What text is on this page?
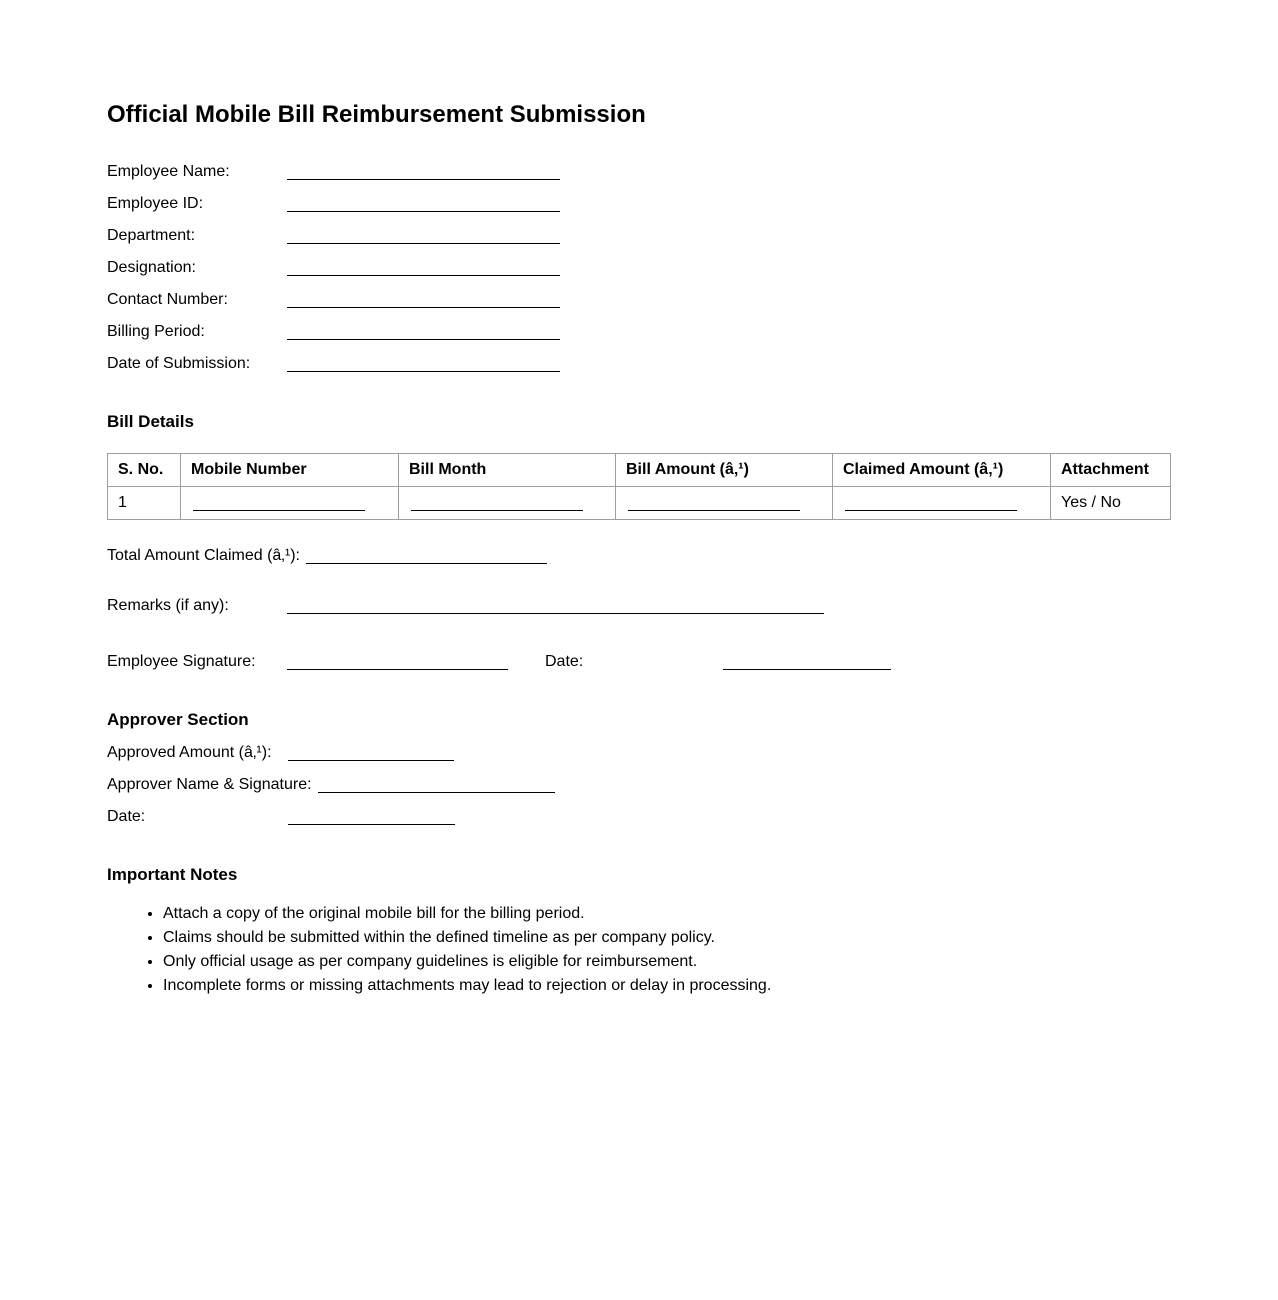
Official Mobile Bill Reimbursement Submission
Employee Name:
Employee ID:
Department:
Designation:
Contact Number:
Billing Period:
Date of Submission:
Bill Details
S. No.	Mobile Number	Bill Month	Bill Amount (â‚¹)	Claimed Amount (â‚¹)	Attachment
1					Yes / No
Total Amount Claimed (â‚¹):
Remarks (if any):
Employee Signature:	Date:
Approver Section
Approved Amount (â‚¹):
Approver Name & Signature:
Date:
Important Notes
• Attach a copy of the original mobile bill for the billing period.
• Claims should be submitted within the defined timeline as per company policy.
• Only official usage as per company guidelines is eligible for reimbursement.
• Incomplete forms or missing attachments may lead to rejection or delay in processing.
